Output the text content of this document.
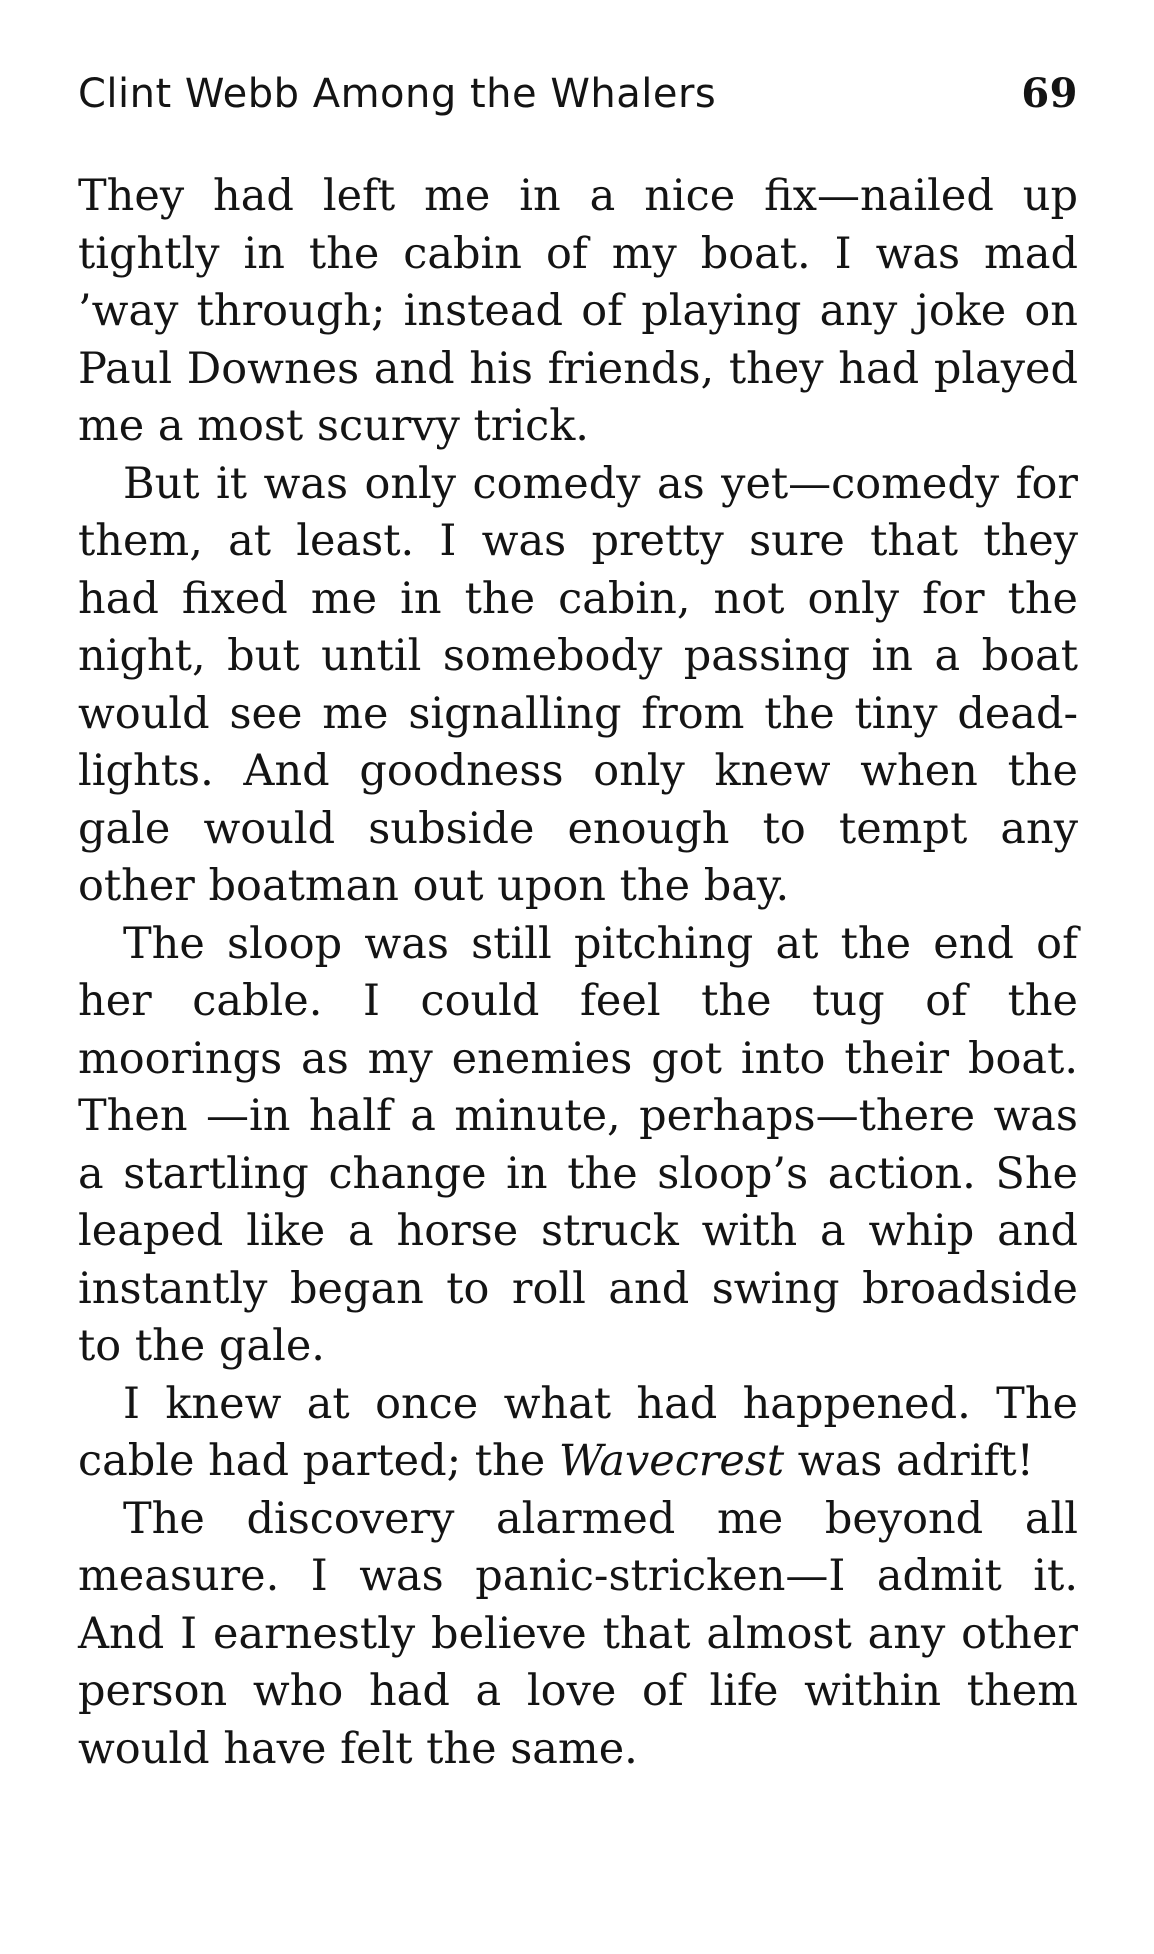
Clint Webb Among the Whalers	69

They had left me in a nice fix—nailed up tightly in the cabin of my boat. I was mad ’way through; instead of playing any joke on Paul Downes and his friends, they had played me a most scurvy trick.

But it was only comedy as yet—comedy for them, at least. I was pretty sure that they had fixed me in the cabin, not only for the night, but until somebody passing in a boat would see me signalling from the tiny dead-lights. And goodness only knew when the gale would subside enough to tempt any other boatman out upon the bay.

The sloop was still pitching at the end of her cable. I could feel the tug of the moorings as my enemies got into their boat. Then —in half a minute, perhaps—there was a startling change in the sloop’s action. She leaped like a horse struck with a whip and instantly began to roll and swing broadside to the gale.

I knew at once what had happened. The cable had parted; the Wavecrest was adrift!

The discovery alarmed me beyond all measure. I was panic-stricken—I admit it. And I earnestly believe that almost any other person who had a love of life within them would have felt the same.
